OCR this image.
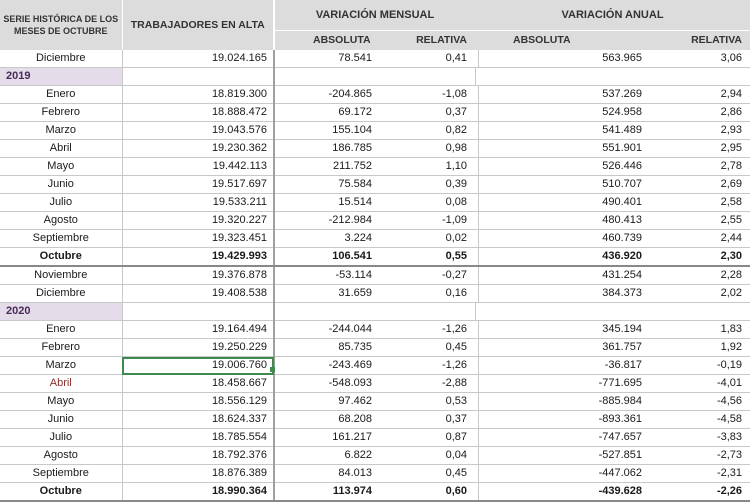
SERIE HISTÓRICA DE LOS MESES DE OCTUBRE	TRABAJADORES EN ALTA	VARIACIÓN MENSUAL			VARIACIÓN ANUAL		
		ABSOLUTA		RELATIVA	ABSOLUTA		RELATIVA
Diciembre	19.024.165		78.541	0,41		563.965	3,06
2019							
Enero	18.819.300		-204.865	-1,08		537.269	2,94
Febrero	18.888.472		69.172	0,37		524.958	2,86
Marzo	19.043.576		155.104	0,82		541.489	2,93
Abril	19.230.362		186.785	0,98		551.901	2,95
Mayo	19.442.113		211.752	1,10		526.446	2,78
Junio	19.517.697		75.584	0,39		510.707	2,69
Julio	19.533.211		15.514	0,08		490.401	2,58
Agosto	19.320.227		-212.984	-1,09		480.413	2,55
Septiembre	19.323.451		3.224	0,02		460.739	2,44
Octubre	19.429.993		106.541	0,55		436.920	2,30
Noviembre	19.376.878		-53.114	-0,27		431.254	2,28
Diciembre	19.408.538		31.659	0,16		384.373	2,02
2020							
Enero	19.164.494		-244.044	-1,26		345.194	1,83
Febrero	19.250.229		85.735	0,45		361.757	1,92
Marzo	19.006.760		-243.469	-1,26		-36.817	-0,19
Abril	18.458.667		-548.093	-2,88		-771.695	-4,01
Mayo	18.556.129		97.462	0,53		-885.984	-4,56
Junio	18.624.337		68.208	0,37		-893.361	-4,58
Julio	18.785.554		161.217	0,87		-747.657	-3,83
Agosto	18.792.376		6.822	0,04		-527.851	-2,73
Septiembre	18.876.389		84.013	0,45		-447.062	-2,31
Octubre	18.990.364		113.974	0,60		-439.628	-2,26
